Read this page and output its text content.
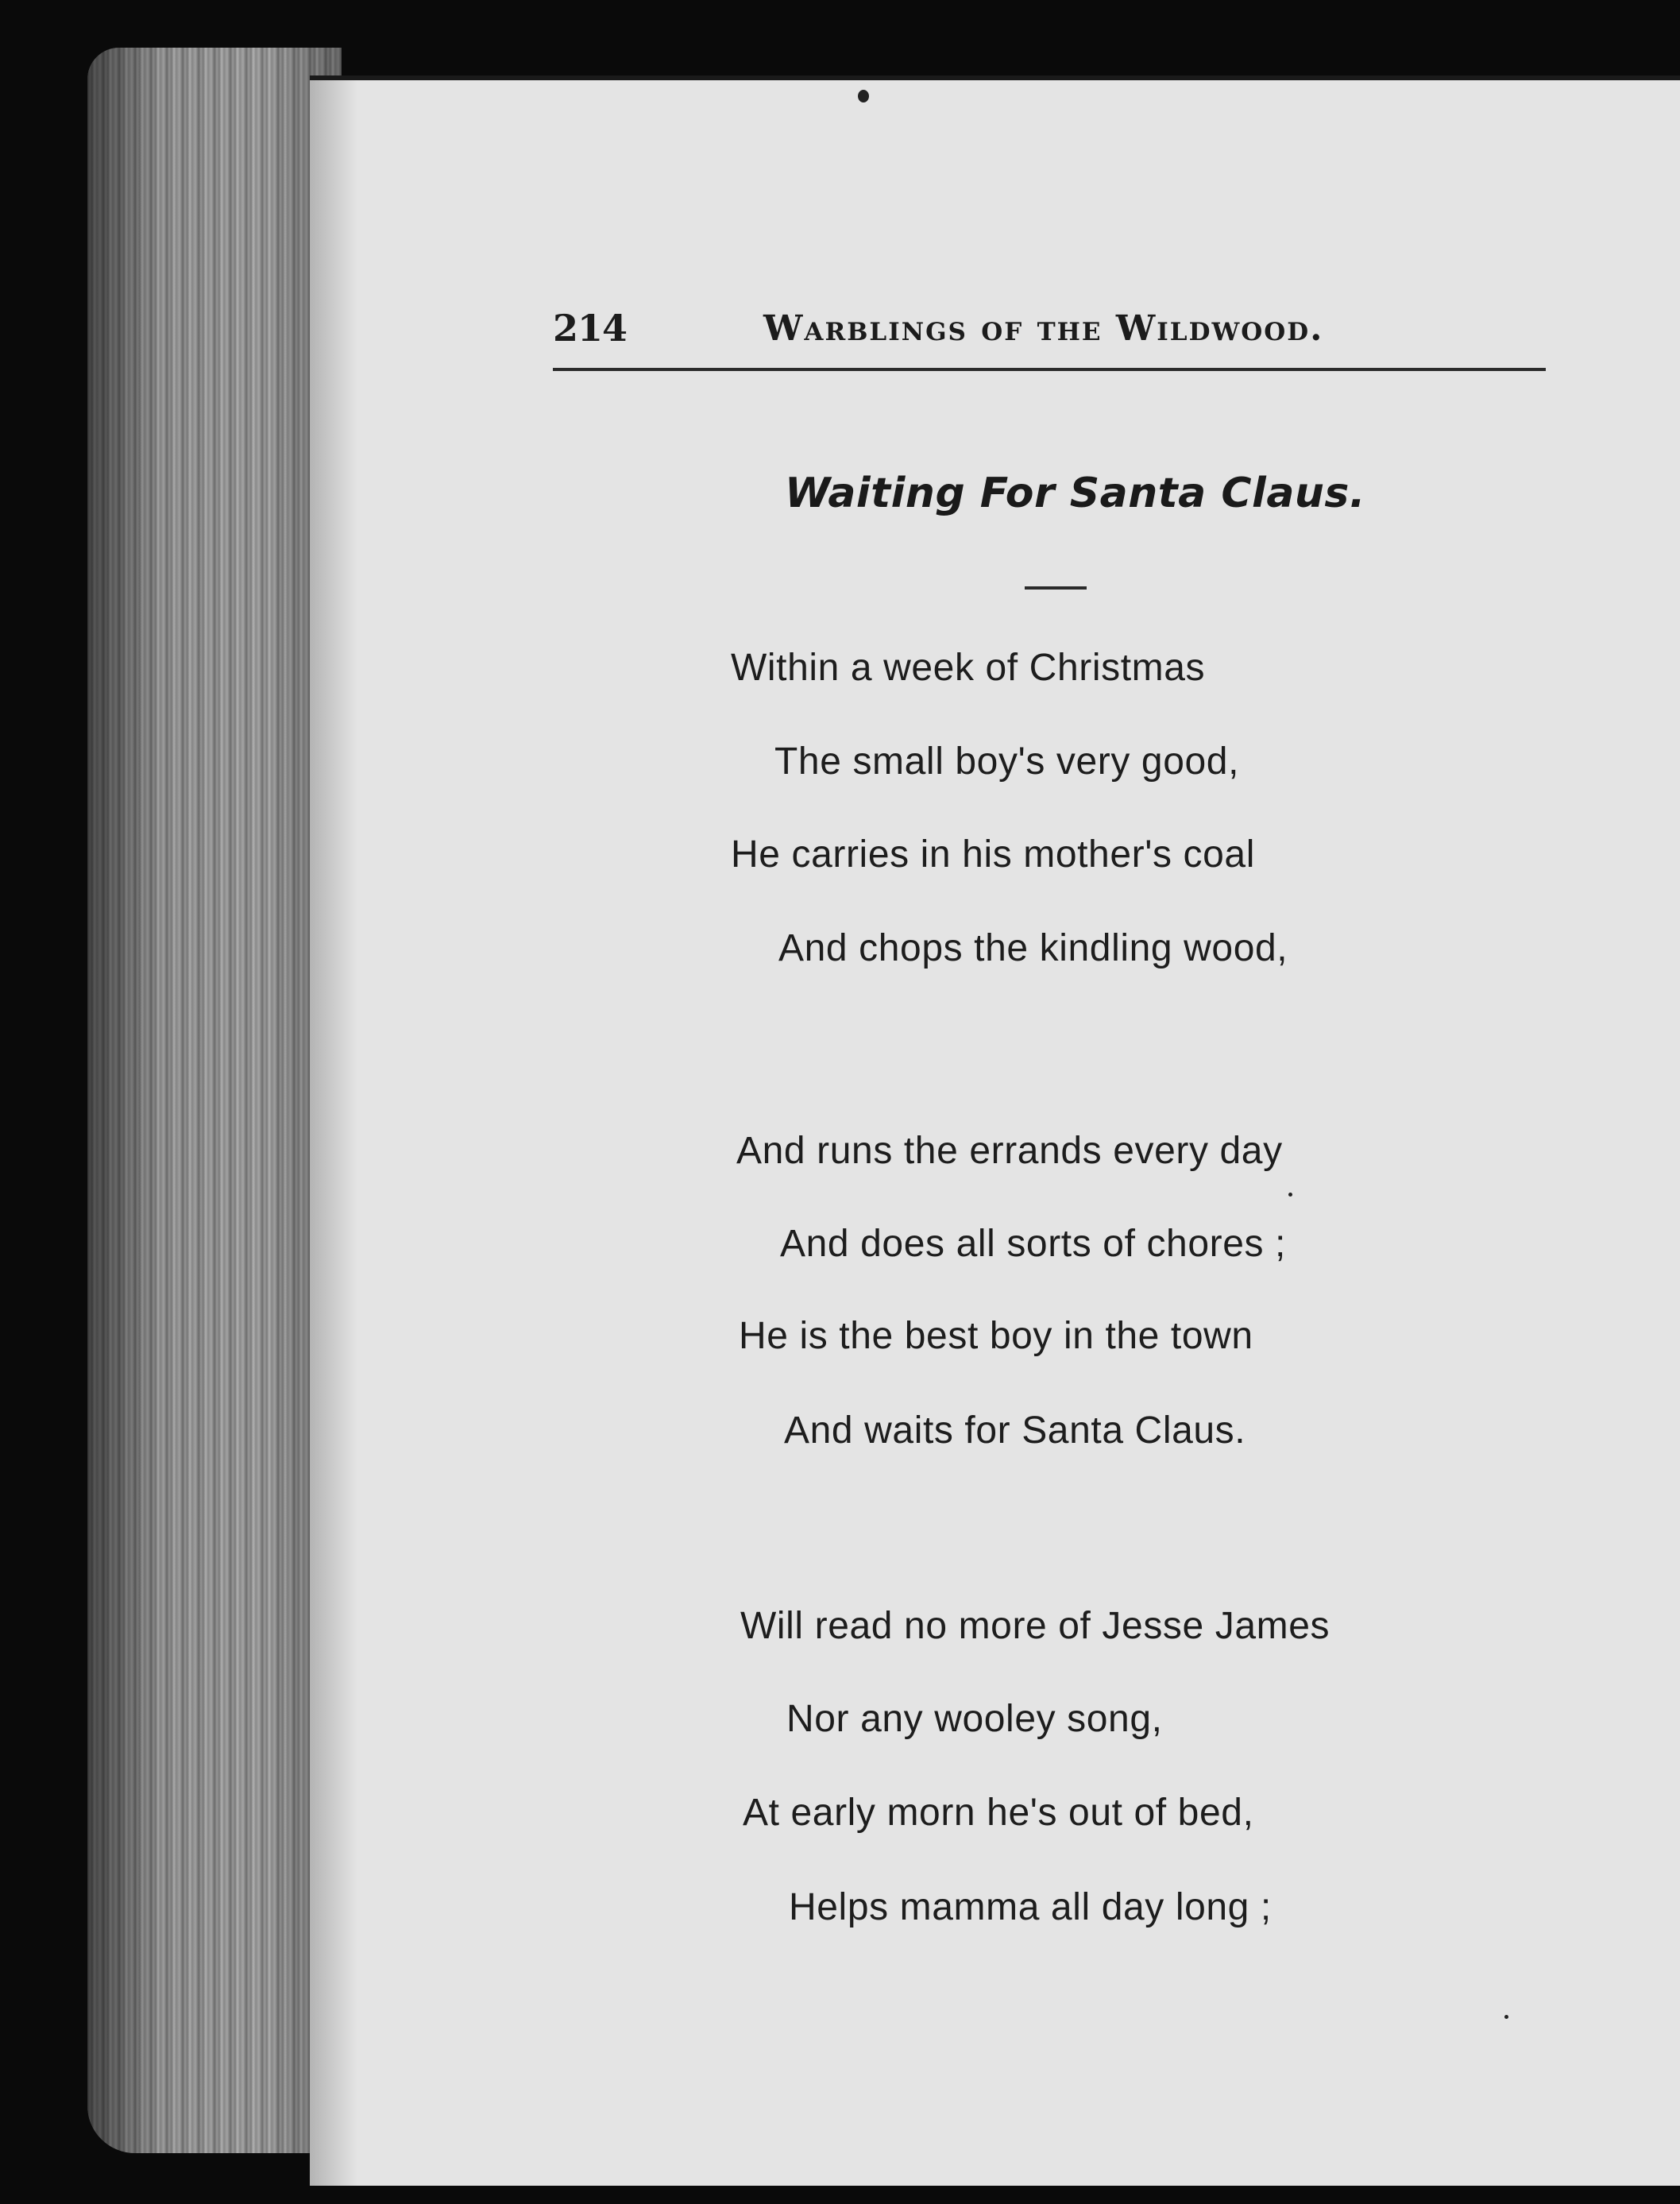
214	Warblings of the Wildwood.
Waiting For Santa Claus.
Within a week of Christmas
The small boy's very good,
He carries in his mother's coal
And chops the kindling wood,
And runs the errands every day
And does all sorts of chores ;
He is the best boy in the town
And waits for Santa Claus.
Will read no more of Jesse James
Nor any wooley song,
At early morn he's out of bed,
Helps mamma all day long ;
